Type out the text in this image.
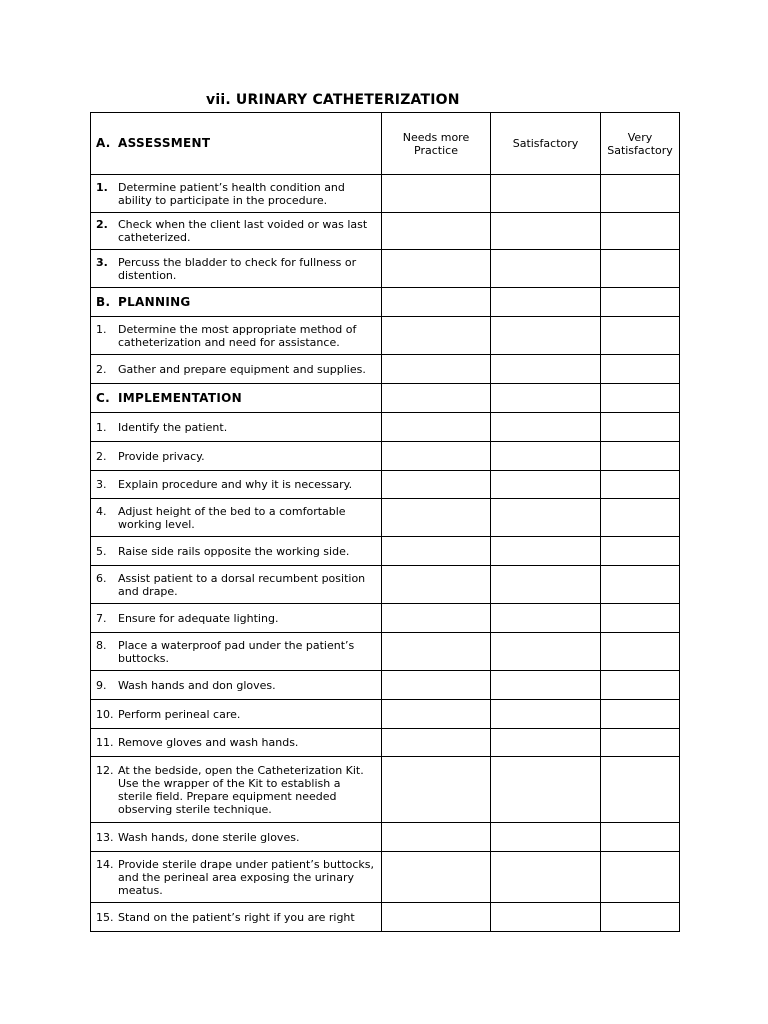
vii. URINARY CATHETERIZATION
A. ASSESSMENT	Needs more Practice	Satisfactory	Very Satisfactory

1. Determine patient’s health condition and ability to participate in the procedure.			

2. Check when the client last voided or was last catheterized.			

3. Percuss the bladder to check for fullness or distention.			

B. PLANNING			

1. Determine the most appropriate method of catheterization and need for assistance.			

2. Gather and prepare equipment and supplies.			

C. IMPLEMENTATION			

1. Identify the patient.			

2. Provide privacy.			

3. Explain procedure and why it is necessary.			

4. Adjust height of the bed to a comfortable working level.			

5. Raise side rails opposite the working side.			

6. Assist patient to a dorsal recumbent position and drape.			

7. Ensure for adequate lighting.			

8. Place a waterproof pad under the patient’s buttocks.			

9. Wash hands and don gloves.			

10. Perform perineal care.			

11. Remove gloves and wash hands.			

12. At the bedside, open the Catheterization Kit. Use the wrapper of the Kit to establish a sterile field. Prepare equipment needed observing sterile technique.			

13. Wash hands, done sterile gloves.			

14. Provide sterile drape under patient’s buttocks, and the perineal area exposing the urinary meatus.			

15. Stand on the patient’s right if you are right			
